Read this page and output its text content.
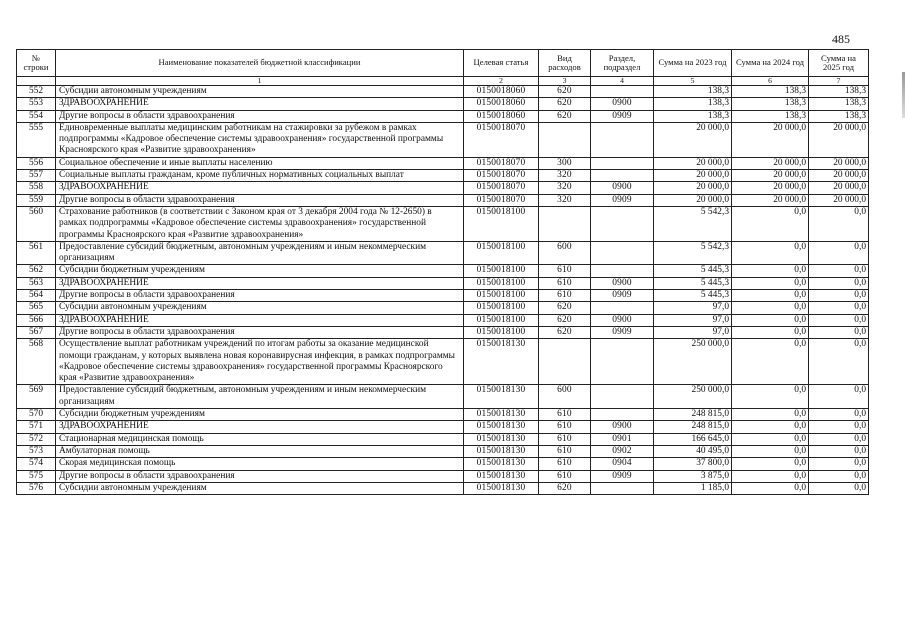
485
№ строки	Наименование показателей бюджетной классификации	Целевая статья	Вид расходов	Раздел, подраздел	Сумма на 2023 год	Сумма на 2024 год	Сумма на 2025 год
	1	2	3	4	5	6	7
552	Субсидии автономным учреждениям	0150018060	620		138,3	138,3	138,3
553	ЗДРАВООХРАНЕНИЕ	0150018060	620	0900	138,3	138,3	138,3
554	Другие вопросы в области здравоохранения	0150018060	620	0909	138,3	138,3	138,3
555	Единовременные выплаты медицинским работникам на стажировки за рубежом в рамках подпрограммы «Кадровое обеспечение системы здравоохранения» государственной программы Красноярского края «Развитие здравоохранения»	0150018070			20 000,0	20 000,0	20 000,0
556	Социальное обеспечение и иные выплаты населению	0150018070	300		20 000,0	20 000,0	20 000,0
557	Социальные выплаты гражданам, кроме публичных нормативных социальных выплат	0150018070	320		20 000,0	20 000,0	20 000,0
558	ЗДРАВООХРАНЕНИЕ	0150018070	320	0900	20 000,0	20 000,0	20 000,0
559	Другие вопросы в области здравоохранения	0150018070	320	0909	20 000,0	20 000,0	20 000,0
560	Страхование работников (в соответствии с Законом края от 3 декабря 2004 года № 12-2650) в рамках подпрограммы «Кадровое обеспечение системы здравоохранения» государственной программы Красноярского края «Развитие здравоохранения»	0150018100			5 542,3	0,0	0,0
561	Предоставление субсидий бюджетным, автономным учреждениям и иным некоммерческим организациям	0150018100	600		5 542,3	0,0	0,0
562	Субсидии бюджетным учреждениям	0150018100	610		5 445,3	0,0	0,0
563	ЗДРАВООХРАНЕНИЕ	0150018100	610	0900	5 445,3	0,0	0,0
564	Другие вопросы в области здравоохранения	0150018100	610	0909	5 445,3	0,0	0,0
565	Субсидии автономным учреждениям	0150018100	620		97,0	0,0	0,0
566	ЗДРАВООХРАНЕНИЕ	0150018100	620	0900	97,0	0,0	0,0
567	Другие вопросы в области здравоохранения	0150018100	620	0909	97,0	0,0	0,0
568	Осуществление выплат работникам учреждений по итогам работы за оказание медицинской помощи гражданам, у которых выявлена новая коронавирусная инфекция, в рамках подпрограммы «Кадровое обеспечение системы здравоохранения» государственной программы Красноярского края «Развитие здравоохранения»	0150018130			250 000,0	0,0	0,0
569	Предоставление субсидий бюджетным, автономным учреждениям и иным некоммерческим организациям	0150018130	600		250 000,0	0,0	0,0
570	Субсидии бюджетным учреждениям	0150018130	610		248 815,0	0,0	0,0
571	ЗДРАВООХРАНЕНИЕ	0150018130	610	0900	248 815,0	0,0	0,0
572	Стационарная медицинская помощь	0150018130	610	0901	166 645,0	0,0	0,0
573	Амбулаторная помощь	0150018130	610	0902	40 495,0	0,0	0,0
574	Скорая медицинская помощь	0150018130	610	0904	37 800,0	0,0	0,0
575	Другие вопросы в области здравоохранения	0150018130	610	0909	3 875,0	0,0	0,0
576	Субсидии автономным учреждениям	0150018130	620		1 185,0	0,0	0,0
